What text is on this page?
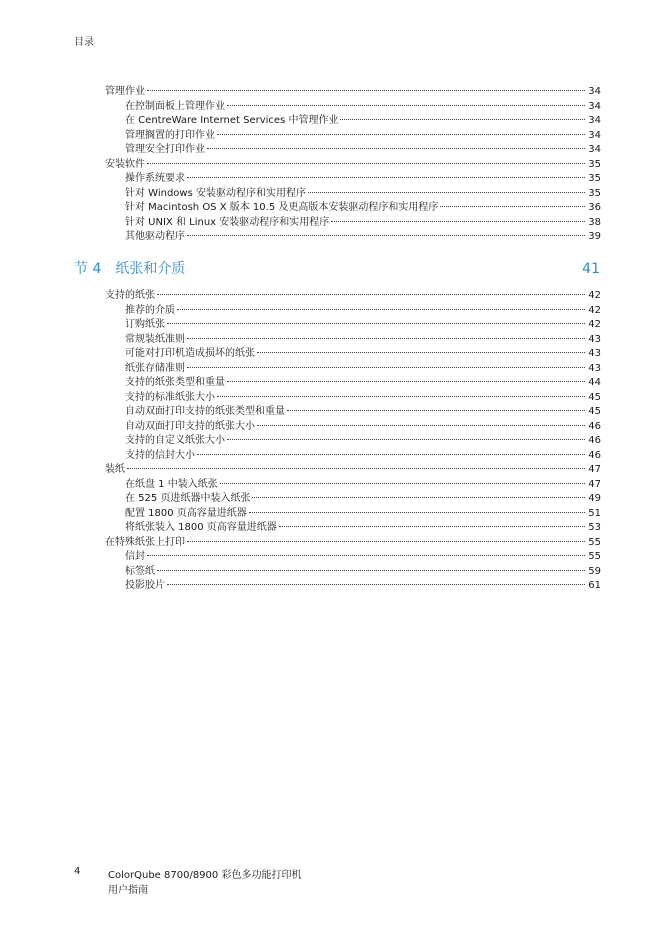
目录
管理作业	34
在控制面板上管理作业	34
在 CentreWare Internet Services 中管理作业	34
管理搁置的打印作业	34
管理安全打印作业	34
安装软件	35
操作系统要求	35
针对 Windows 安装驱动程序和实用程序	35
针对 Macintosh OS X 版本 10.5 及更高版本安装驱动程序和实用程序	36
针对 UNIX 和 Linux 安装驱动程序和实用程序	38
其他驱动程序	39
节 4 纸张和介质	41
支持的纸张	42
推荐的介质	42
订购纸张	42
常规装纸准则	43
可能对打印机造成损坏的纸张	43
纸张存储准则	43
支持的纸张类型和重量	44
支持的标准纸张大小	45
自动双面打印支持的纸张类型和重量	45
自动双面打印支持的纸张大小	46
支持的自定义纸张大小	46
支持的信封大小	46
装纸	47
在纸盘 1 中装入纸张	47
在 525 页进纸器中装入纸张	49
配置 1800 页高容量进纸器	51
将纸张装入 1800 页高容量进纸器	53
在特殊纸张上打印	55
信封	55
标签纸	59
投影胶片	61
4	ColorQube 8700/8900 彩色多功能打印机
用户指南
